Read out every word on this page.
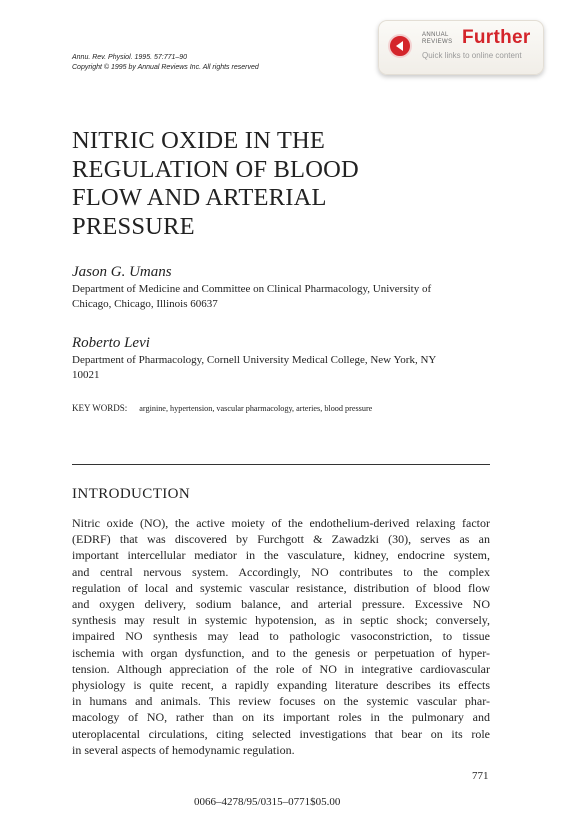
Annu. Rev. Physiol. 1995. 57:771–90
Copyright © 1995 by Annual Reviews Inc. All rights reserved
ANNUAL
REVIEWS Further
Quick links to online content
NITRIC OXIDE IN THE
REGULATION OF BLOOD
FLOW AND ARTERIAL
PRESSURE
Jason G. Umans
Department of Medicine and Committee on Clinical Pharmacology, University of
Chicago, Chicago, Illinois 60637
Roberto Levi
Department of Pharmacology, Cornell University Medical College, New York, NY
10021
KEY WORDS: arginine, hypertension, vascular pharmacology, arteries, blood pressure
INTRODUCTION
Nitric oxide (NO), the active moiety of the endothelium-derived relaxing factor
(EDRF) that was discovered by Furchgott & Zawadzki (30), serves as an
important intercellular mediator in the vasculature, kidney, endocrine system,
and central nervous system. Accordingly, NO contributes to the complex
regulation of local and systemic vascular resistance, distribution of blood flow
and oxygen delivery, sodium balance, and arterial pressure. Excessive NO
synthesis may result in systemic hypotension, as in septic shock; conversely,
impaired NO synthesis may lead to pathologic vasoconstriction, to tissue
ischemia with organ dysfunction, and to the genesis or perpetuation of hyper-
tension. Although appreciation of the role of NO in integrative cardiovascular
physiology is quite recent, a rapidly expanding literature describes its effects
in humans and animals. This review focuses on the systemic vascular phar-
macology of NO, rather than on its important roles in the pulmonary and
uteroplacental circulations, citing selected investigations that bear on its role
in several aspects of hemodynamic regulation.
771
0066–4278/95/0315–0771$05.00
